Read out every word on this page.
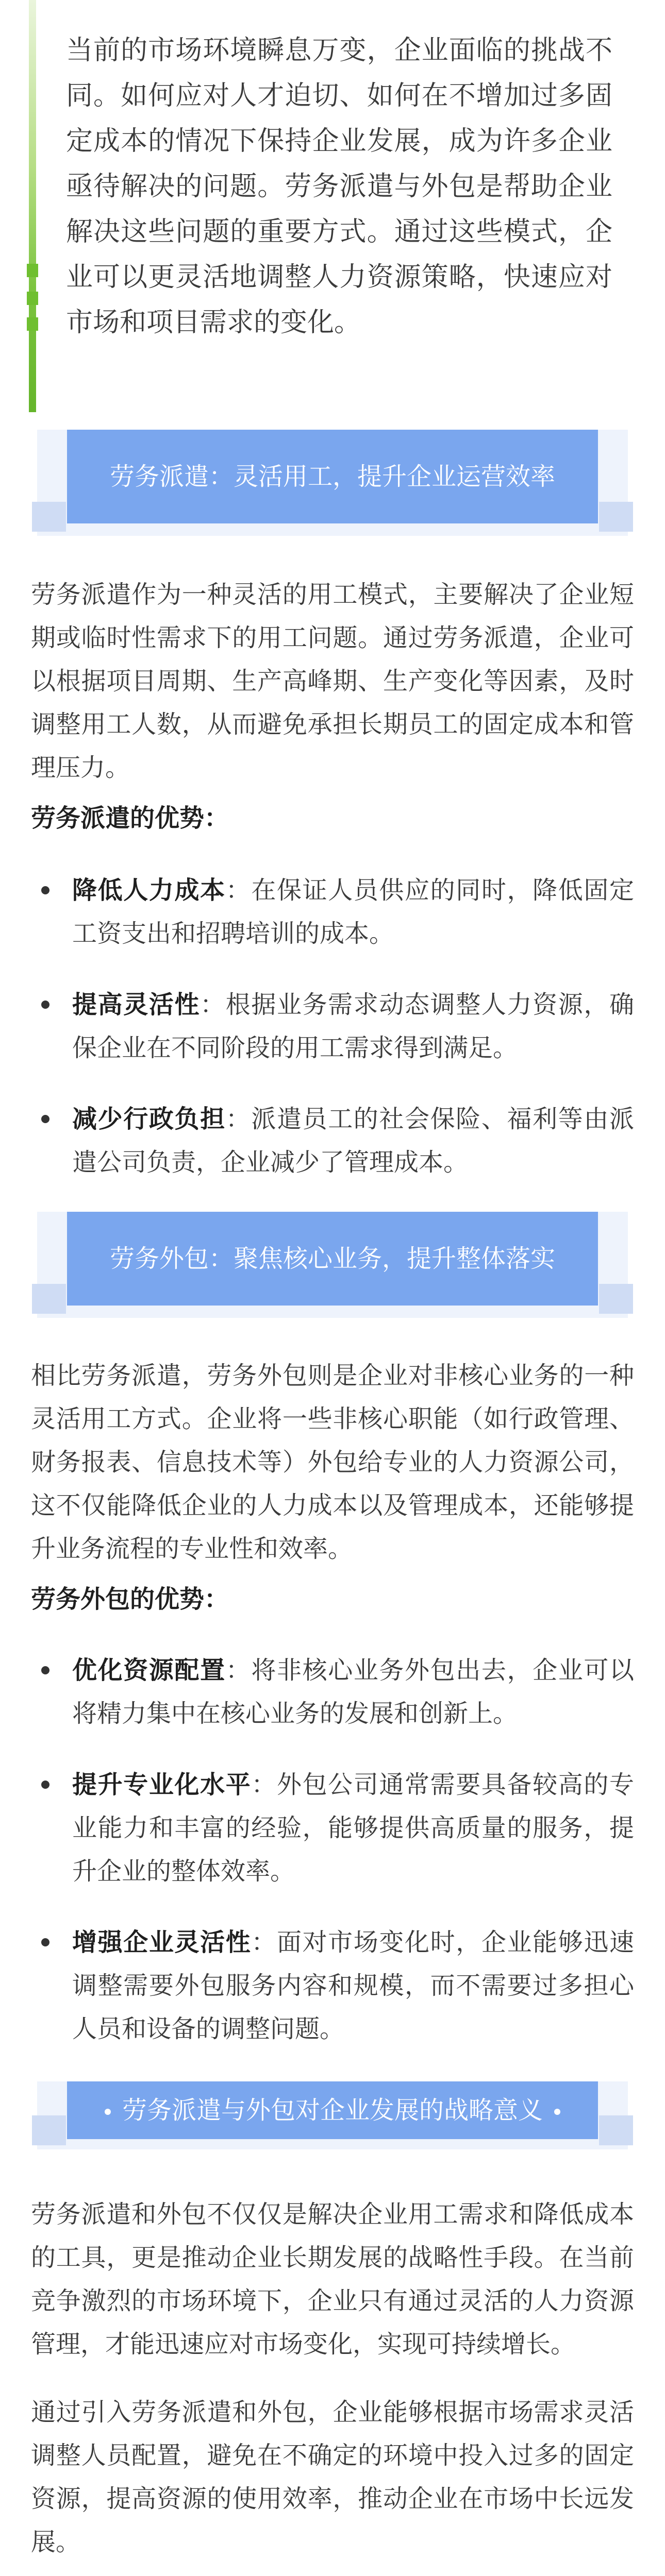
当前的市场环境瞬息万变，企业面临的挑战不同。如何应对人才迫切、如何在不增加过多固定成本的情况下保持企业发展，成为许多企业亟待解决的问题。劳务派遣与外包是帮助企业解决这些问题的重要方式。通过这些模式，企业可以更灵活地调整人力资源策略，快速应对市场和项目需求的变化。
劳务派遣：灵活用工，提升企业运营效率
劳务派遣作为一种灵活的用工模式，主要解决了企业短期或临时性需求下的用工问题。通过劳务派遣，企业可以根据项目周期、生产高峰期、生产变化等因素，及时调整用工人数，从而避免承担长期员工的固定成本和管理压力。
劳务派遣的优势：
降低人力成本：在保证人员供应的同时，降低固定工资支出和招聘培训的成本。
提高灵活性：根据业务需求动态调整人力资源，确保企业在不同阶段的用工需求得到满足。
减少行政负担：派遣员工的社会保险、福利等由派遣公司负责，企业减少了管理成本。
劳务外包：聚焦核心业务，提升整体落实
相比劳务派遣，劳务外包则是企业对非核心业务的一种灵活用工方式。企业将一些非核心职能（如行政管理、财务报表、信息技术等）外包给专业的人力资源公司，这不仅能降低企业的人力成本以及管理成本，还能够提升业务流程的专业性和效率。
劳务外包的优势：
优化资源配置：将非核心业务外包出去，企业可以将精力集中在核心业务的发展和创新上。
提升专业化水平：外包公司通常需要具备较高的专业能力和丰富的经验，能够提供高质量的服务，提升企业的整体效率。
增强企业灵活性：面对市场变化时，企业能够迅速调整需要外包服务内容和规模，而不需要过多担心人员和设备的调整问题。
劳务派遣与外包对企业发展的战略意义
劳务派遣和外包不仅仅是解决企业用工需求和降低成本的工具，更是推动企业长期发展的战略性手段。在当前竞争激烈的市场环境下，企业只有通过灵活的人力资源管理，才能迅速应对市场变化，实现可持续增长。
通过引入劳务派遣和外包，企业能够根据市场需求灵活调整人员配置，避免在不确定的环境中投入过多的固定资源，提高资源的使用效率，推动企业在市场中长远发展。
